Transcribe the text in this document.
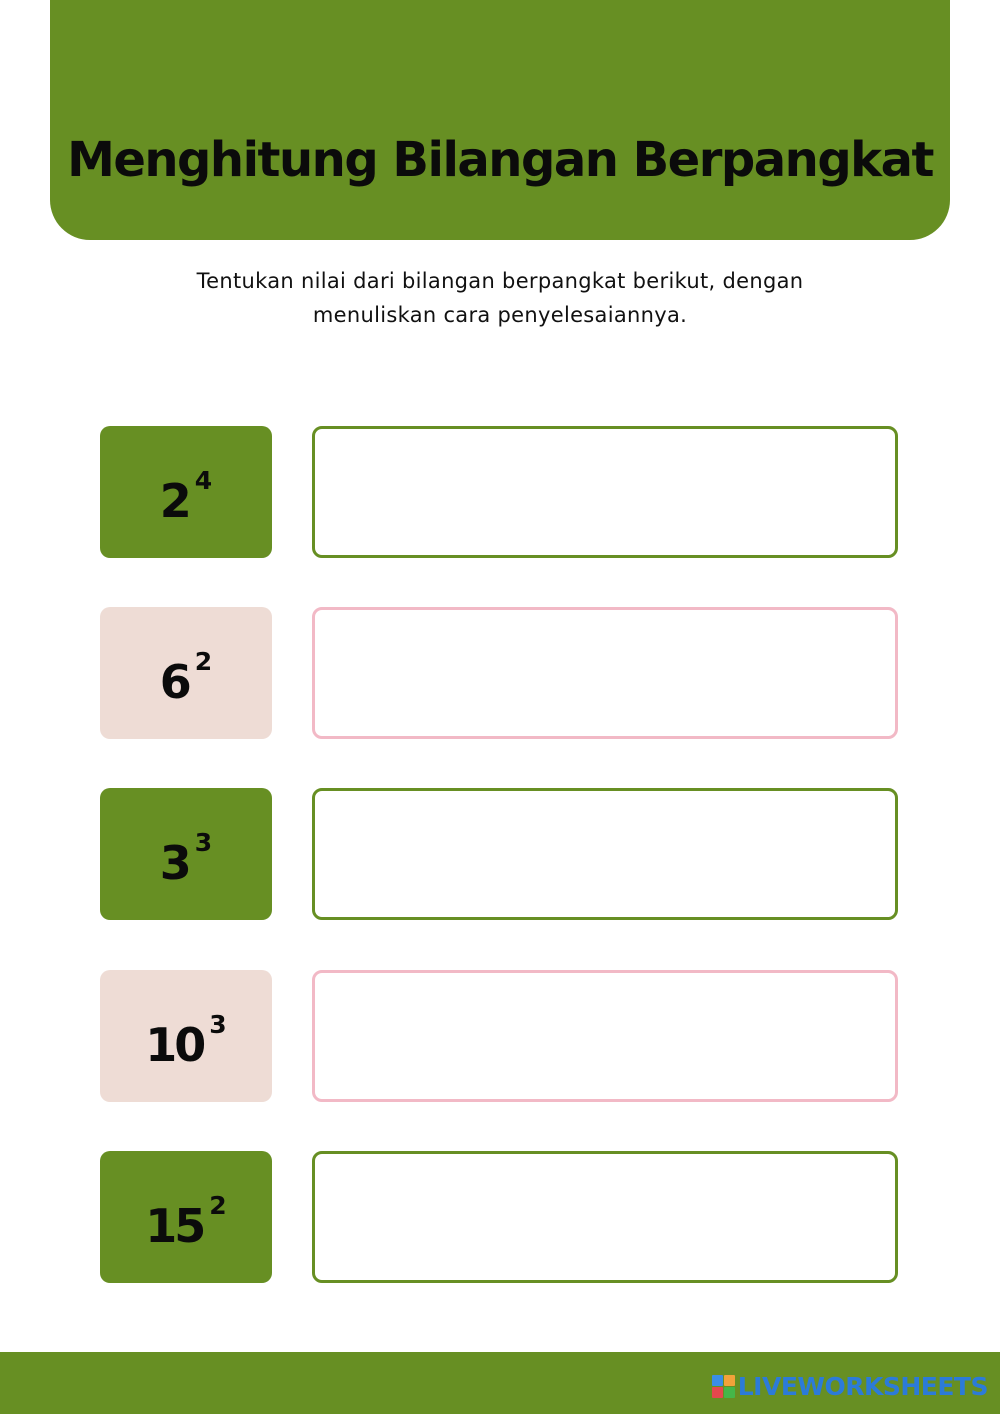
Menghitung Bilangan Berpangkat

Tentukan nilai dari bilangan berpangkat berikut, dengan
menuliskan cara penyelesaiannya.

2 $^4$
6 $^2$
3 $^3$
10 $^3$
15 $^2$
LIVEWORKSHEETS
